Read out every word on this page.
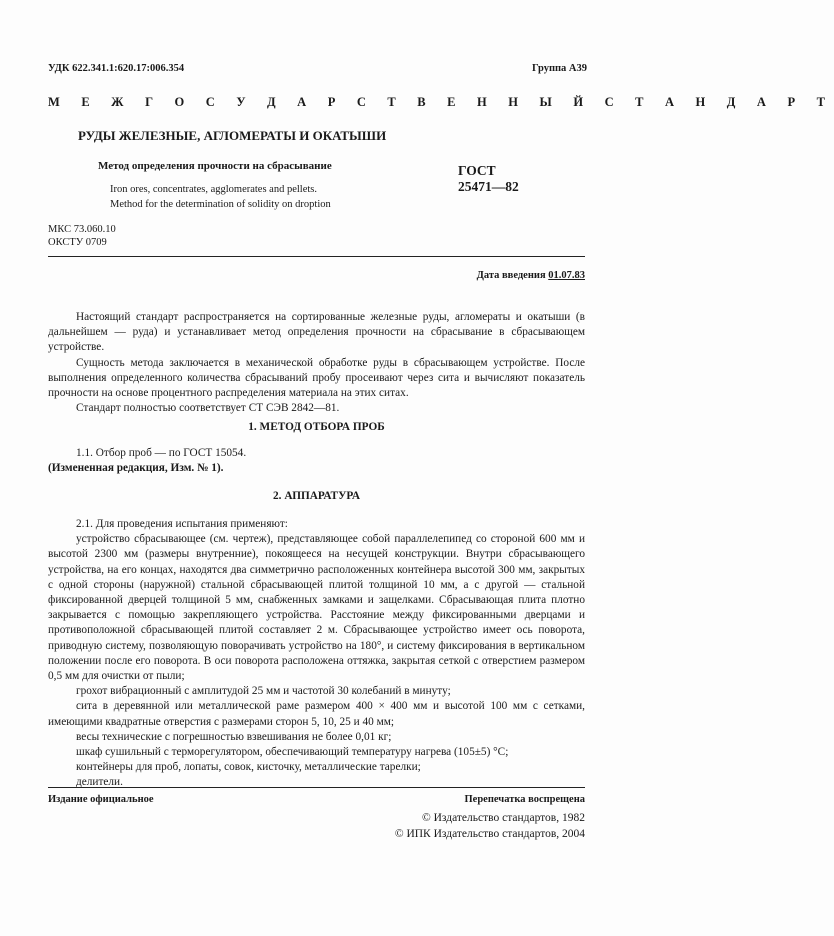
УДК 622.341.1:620.17:006.354	Группа А39
М Е Ж Г О С У Д А Р С Т В Е Н Н Ы Й С Т А Н Д А Р Т
РУДЫ ЖЕЛЕЗНЫЕ, АГЛОМЕРАТЫ И ОКАТЫШИ
Метод определения прочности на сбрасывание
Iron ores, concentrates, agglomerates and pellets.
Method for the determination of solidity on droption
ГОСТ
25471—82
МКС 73.060.10
ОКСТУ 0709
Дата введения 01.07.83

Настоящий стандарт распространяется на сортированные железные руды, агломераты и окатыши (в дальнейшем — руда) и устанавливает метод определения прочности на сбрасывание в сбрасывающем устройстве.

Сущность метода заключается в механической обработке руды в сбрасывающем устройстве. После выполнения определенного количества сбрасываний пробу просеивают через сита и вычисляют показатель прочности на основе процентного распределения материала на этих ситах.

Стандарт полностью соответствует СТ СЭВ 2842—81.

1. МЕТОД ОТБОРА ПРОБ

1.1. Отбор проб — по ГОСТ 15054.

(Измененная редакция, Изм. № 1).

2. АППАРАТУРА

2.1. Для проведения испытания применяют:

устройство сбрасывающее (см. чертеж), представляющее собой параллелепипед со стороной 600 мм и высотой 2300 мм (размеры внутренние), покоящееся на несущей конструкции. Внутри сбрасывающего устройства, на его концах, находятся два симметрично расположенных контейнера высотой 300 мм, закрытых с одной стороны (наружной) стальной сбрасывающей плитой толщиной 10 мм, а с другой — стальной фиксированной дверцей толщиной 5 мм, снабженных замками и защелками. Сбрасывающая плита плотно закрывается с помощью закрепляющего устройства. Расстояние между фиксированными дверцами и противоположной сбрасывающей плитой составляет 2 м. Сбрасывающее устройство имеет ось поворота, приводную систему, позволяющую поворачивать устройство на 180°, и систему фиксирования в вертикальном положении после его поворота. В оси поворота расположена оттяжка, закрытая сеткой с отверстием размером 0,5 мм для очистки от пыли;

грохот вибрационный с амплитудой 25 мм и частотой 30 колебаний в минуту;

сита в деревянной или металлической раме размером 400 × 400 мм и высотой 100 мм с сетками, имеющими квадратные отверстия с размерами сторон 5, 10, 25 и 40 мм;

весы технические с погрешностью взвешивания не более 0,01 кг;

шкаф сушильный с терморегулятором, обеспечивающий температуру нагрева (105±5) °С;

контейнеры для проб, лопаты, совок, кисточку, металлические тарелки;

делители.

Издание официальное	Перепечатка воспрещена
© Издательство стандартов, 1982
© ИПК Издательство стандартов, 2004
